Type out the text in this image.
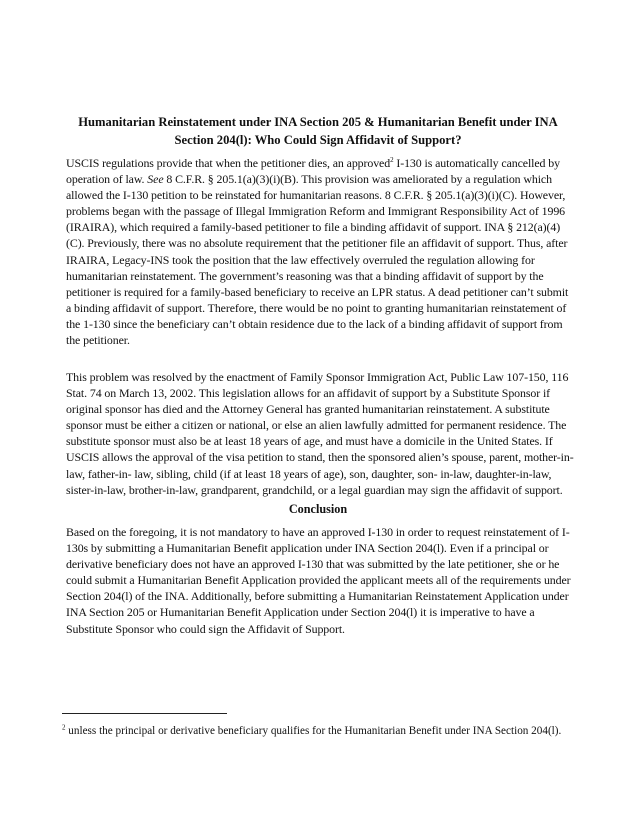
Humanitarian Reinstatement under INA Section 205 & Humanitarian Benefit under INA Section 204(l): Who Could Sign Affidavit of Support?

USCIS regulations provide that when the petitioner dies, an approved$^2$ I-130 is automatically cancelled by operation of law. See 8 C.F.R. § 205.1(a)(3)(i)(B). This provision was ameliorated by a regulation which allowed the I-130 petition to be reinstated for humanitarian reasons. 8 C.F.R. § 205.1(a)(3)(i)(C). However, problems began with the passage of Illegal Immigration Reform and Immigrant Responsibility Act of 1996 (IRAIRA), which required a family-based petitioner to file a binding affidavit of support. INA § 212(a)(4)(C). Previously, there was no absolute requirement that the petitioner file an affidavit of support. Thus, after IRAIRA, Legacy-INS took the position that the law effectively overruled the regulation allowing for humanitarian reinstatement. The government’s reasoning was that a binding affidavit of support by the petitioner is required for a family-based beneficiary to receive an LPR status. A dead petitioner can’t submit a binding affidavit of support. Therefore, there would be no point to granting humanitarian reinstatement of the 1-130 since the beneficiary can’t obtain residence due to the lack of a binding affidavit of support from the petitioner.

This problem was resolved by the enactment of Family Sponsor Immigration Act, Public Law 107-150, 116 Stat. 74 on March 13, 2002. This legislation allows for an affidavit of support by a Substitute Sponsor if original sponsor has died and the Attorney General has granted humanitarian reinstatement. A substitute sponsor must be either a citizen or national, or else an alien lawfully admitted for permanent residence. The substitute sponsor must also be at least 18 years of age, and must have a domicile in the United States. If USCIS allows the approval of the visa petition to stand, then the sponsored alien’s spouse, parent, mother-in-law, father-in- law, sibling, child (if at least 18 years of age), son, daughter, son- in-law, daughter-in-law, sister-in-law, brother-in-law, grandparent, grandchild, or a legal guardian may sign the affidavit of support.

Conclusion

Based on the foregoing, it is not mandatory to have an approved I-130 in order to request reinstatement of I-130s by submitting a Humanitarian Benefit application under INA Section 204(l). Even if a principal or derivative beneficiary does not have an approved I-130 that was submitted by the late petitioner, she or he could submit a Humanitarian Benefit Application provided the applicant meets all of the requirements under Section 204(l) of the INA. Additionally, before submitting a Humanitarian Reinstatement Application under INA Section 205 or Humanitarian Benefit Application under Section 204(l) it is imperative to have a Substitute Sponsor who could sign the Affidavit of Support.

$^2$ unless the principal or derivative beneficiary qualifies for the Humanitarian Benefit under INA Section 204(l).
